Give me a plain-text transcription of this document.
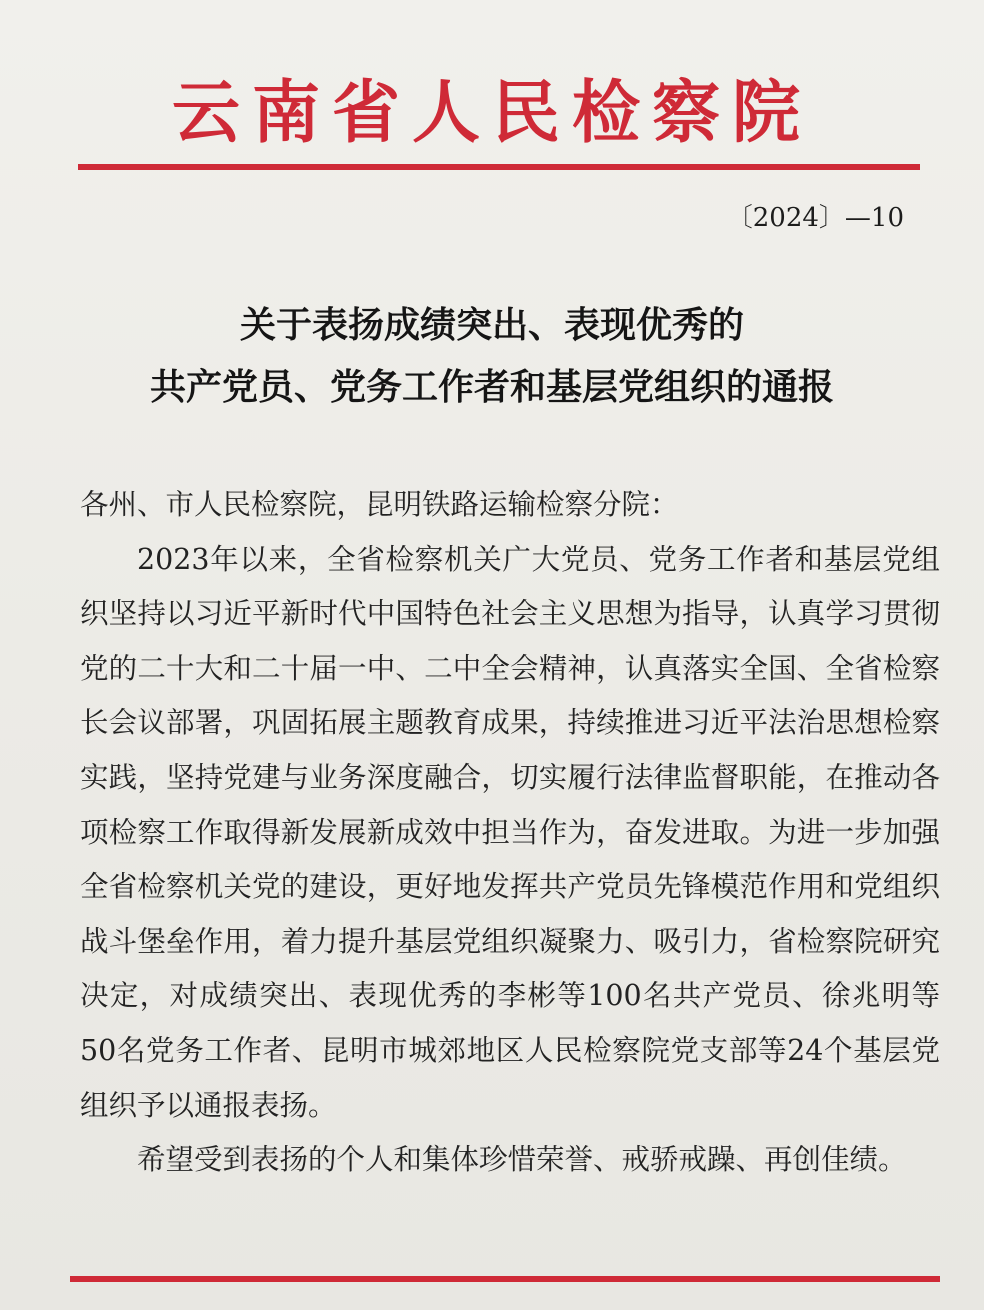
云南省人民检察院
〔2024〕—10
关于表扬成绩突出、表现优秀的
共产党员、党务工作者和基层党组织的通报

各州、市人民检察院，昆明铁路运输检察分院：

2023年以来，全省检察机关广大党员、党务工作者和基层党组织坚持以习近平新时代中国特色社会主义思想为指导，认真学习贯彻党的二十大和二十届一中、二中全会精神，认真落实全国、全省检察长会议部署，巩固拓展主题教育成果，持续推进习近平法治思想检察实践，坚持党建与业务深度融合，切实履行法律监督职能，在推动各项检察工作取得新发展新成效中担当作为，奋发进取。为进一步加强全省检察机关党的建设，更好地发挥共产党员先锋模范作用和党组织战斗堡垒作用，着力提升基层党组织凝聚力、吸引力，省检察院研究决定，对成绩突出、表现优秀的李彬等100名共产党员、徐兆明等50名党务工作者、昆明市城郊地区人民检察院党支部等24个基层党组织予以通报表扬。

希望受到表扬的个人和集体珍惜荣誉、戒骄戒躁、再创佳绩。
